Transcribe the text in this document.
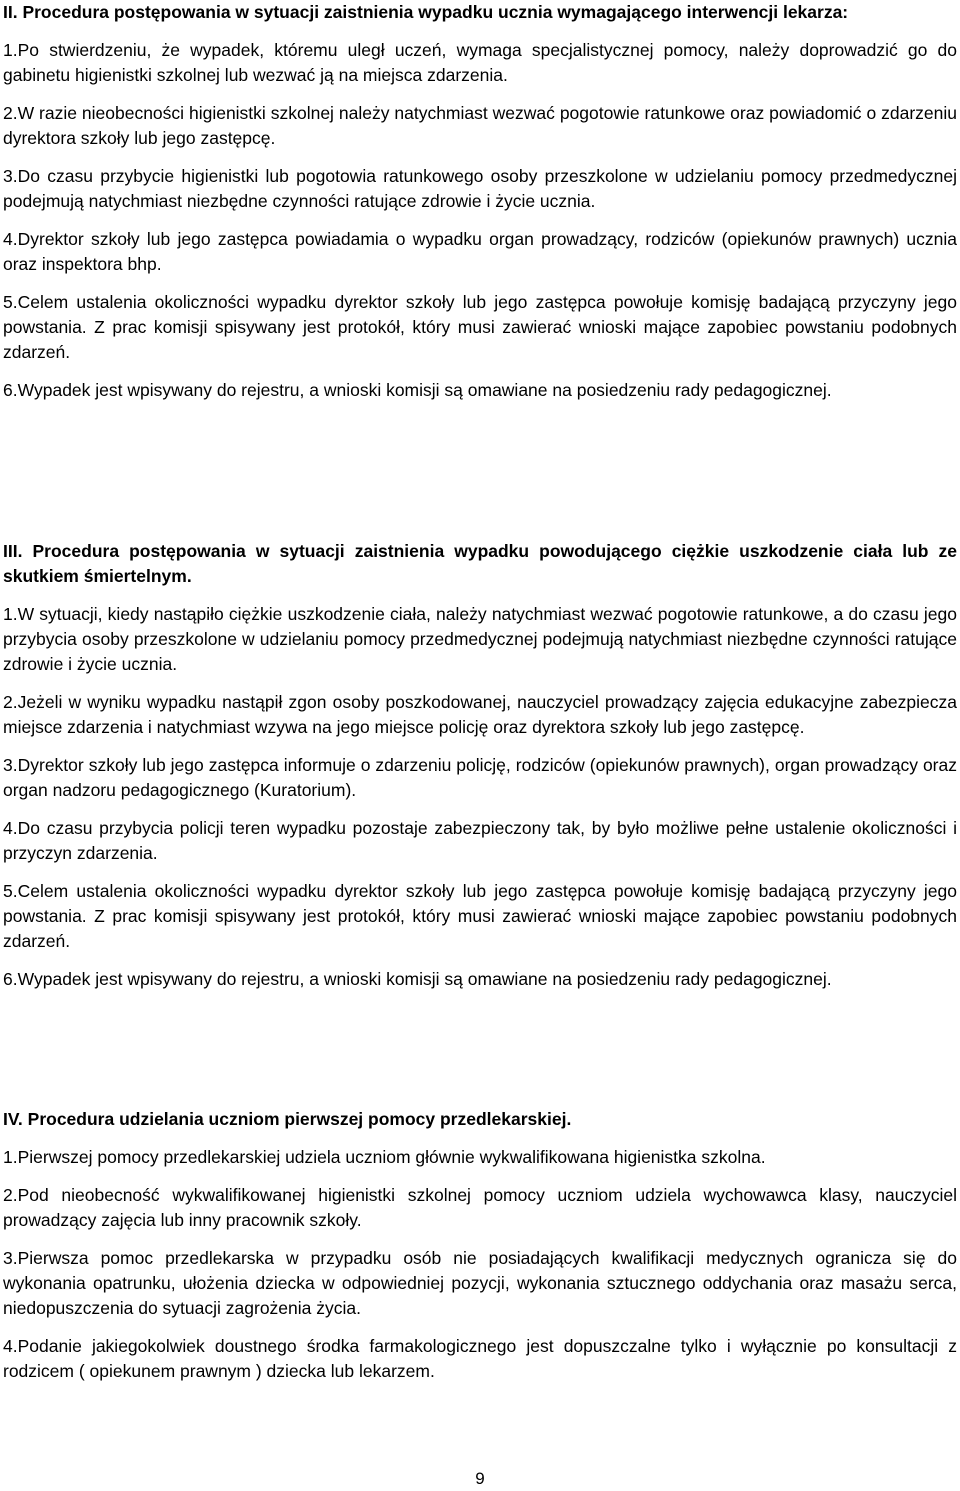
II. Procedura postępowania w sytuacji zaistnienia wypadku ucznia wymagającego interwencji lekarza:

1.Po stwierdzeniu, że wypadek, któremu uległ uczeń, wymaga specjalistycznej pomocy, należy doprowadzić go do gabinetu higienistki szkolnej lub wezwać ją na miejsca zdarzenia.

2.W razie nieobecności higienistki szkolnej należy natychmiast wezwać pogotowie ratunkowe oraz powiadomić o zdarzeniu dyrektora szkoły lub jego zastępcę.

3.Do czasu przybycie higienistki lub pogotowia ratunkowego osoby przeszkolone w udzielaniu pomocy przedmedycznej podejmują natychmiast niezbędne czynności ratujące zdrowie i życie ucznia.

4.Dyrektor szkoły lub jego zastępca powiadamia o wypadku organ prowadzący, rodziców (opiekunów prawnych) ucznia oraz inspektora bhp.

5.Celem ustalenia okoliczności wypadku dyrektor szkoły lub jego zastępca powołuje komisję badającą przyczyny jego powstania. Z prac komisji spisywany jest protokół, który musi zawierać wnioski mające zapobiec powstaniu podobnych zdarzeń.

6.Wypadek jest wpisywany do rejestru, a wnioski komisji są omawiane na posiedzeniu rady pedagogicznej.

III. Procedura postępowania w sytuacji zaistnienia wypadku powodującego ciężkie uszkodzenie ciała lub ze skutkiem śmiertelnym.

1.W sytuacji, kiedy nastąpiło ciężkie uszkodzenie ciała, należy natychmiast wezwać pogotowie ratunkowe, a do czasu jego przybycia osoby przeszkolone w udzielaniu pomocy przedmedycznej podejmują natychmiast niezbędne czynności ratujące zdrowie i życie ucznia.

2.Jeżeli w wyniku wypadku nastąpił zgon osoby poszkodowanej, nauczyciel prowadzący zajęcia edukacyjne zabezpiecza miejsce zdarzenia i natychmiast wzywa na jego miejsce policję oraz dyrektora szkoły lub jego zastępcę.

3.Dyrektor szkoły lub jego zastępca informuje o zdarzeniu policję, rodziców (opiekunów prawnych), organ prowadzący oraz organ nadzoru pedagogicznego (Kuratorium).

4.Do czasu przybycia policji teren wypadku pozostaje zabezpieczony tak, by było możliwe pełne ustalenie okoliczności i przyczyn zdarzenia.

5.Celem ustalenia okoliczności wypadku dyrektor szkoły lub jego zastępca powołuje komisję badającą przyczyny jego powstania. Z prac komisji spisywany jest protokół, który musi zawierać wnioski mające zapobiec powstaniu podobnych zdarzeń.

6.Wypadek jest wpisywany do rejestru, a wnioski komisji są omawiane na posiedzeniu rady pedagogicznej.

IV. Procedura udzielania uczniom pierwszej pomocy przedlekarskiej.

1.Pierwszej pomocy przedlekarskiej udziela uczniom głównie wykwalifikowana higienistka szkolna.

2.Pod nieobecność wykwalifikowanej higienistki szkolnej pomocy uczniom udziela wychowawca klasy, nauczyciel prowadzący zajęcia lub inny pracownik szkoły.

3.Pierwsza pomoc przedlekarska w przypadku osób nie posiadających kwalifikacji medycznych ogranicza się do wykonania opatrunku, ułożenia dziecka w odpowiedniej pozycji, wykonania sztucznego oddychania oraz masażu serca, niedopuszczenia do sytuacji zagrożenia życia.

4.Podanie jakiegokolwiek doustnego środka farmakologicznego jest dopuszczalne tylko i wyłącznie po konsultacji z rodzicem ( opiekunem prawnym ) dziecka lub lekarzem.

9
